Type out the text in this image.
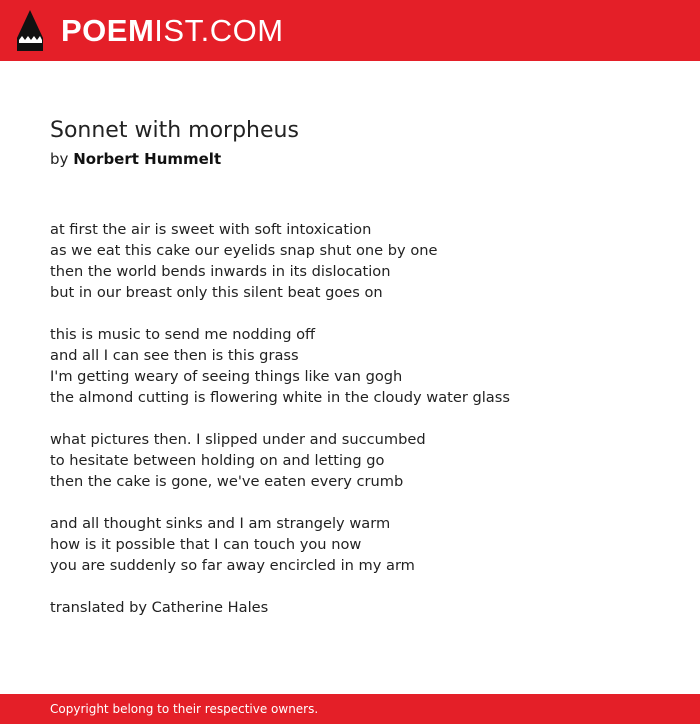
POEMIST.COM
Sonnet with morpheus
by Norbert Hummelt
at first the air is sweet with soft intoxication
as we eat this cake our eyelids snap shut one by one
then the world bends inwards in its dislocation
but in our breast only this silent beat goes on
this is music to send me nodding off
and all I can see then is this grass
I'm getting weary of seeing things like van gogh
the almond cutting is flowering white in the cloudy water glass
what pictures then. I slipped under and succumbed
to hesitate between holding on and letting go
then the cake is gone, we've eaten every crumb
and all thought sinks and I am strangely warm
how is it possible that I can touch you now
you are suddenly so far away encircled in my arm
translated by Catherine Hales
Copyright belong to their respective owners.
